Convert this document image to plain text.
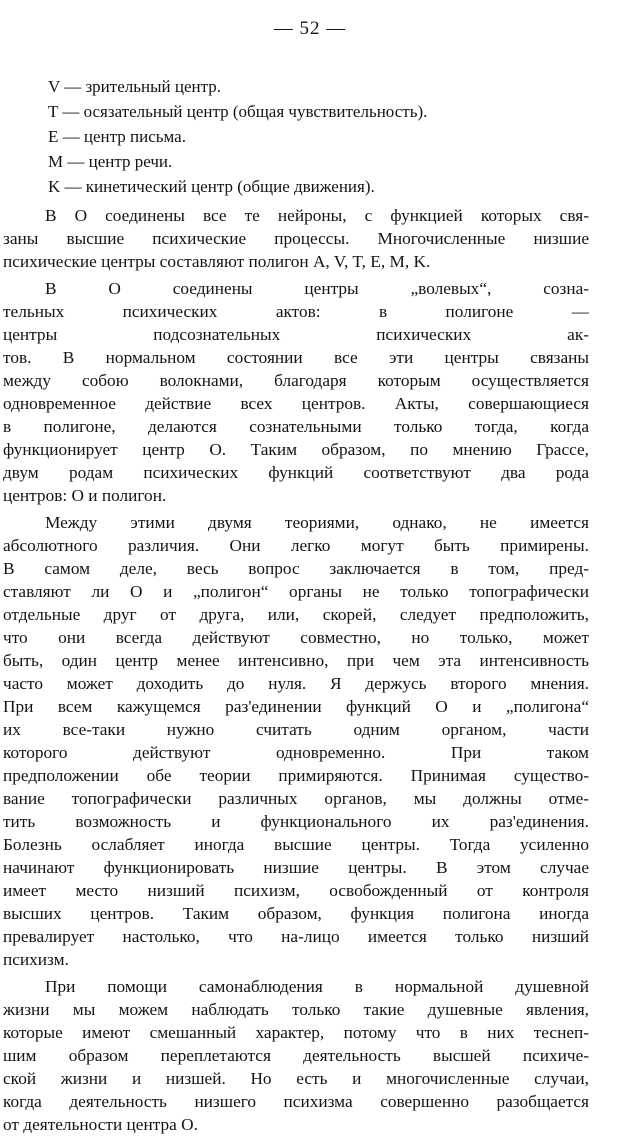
— 52 —
V — зрительный центр.
T — осязательный центр (общая чувствительность).
E — центр письма.
M — центр речи.
K — кинетический центр (общие движения).
В О соединены все те нейроны, с функцией которых свя-
заны высшие психические процессы. Многочисленные низшие
психические центры составляют полигон A, V, T, E, M, K.
В О соединены центры „волевых“, созна-
тельных психических актов: в полигоне —
центры подсознательных психических ак-
тов. В нормальном состоянии все эти центры связаны
между собою волокнами, благодаря которым осуществляется
одновременное действие всех центров. Акты, совершающиеся
в полигоне, делаются сознательными только тогда, когда
функционирует центр О. Таким образом, по мнению Грассе,
двум родам психических функций соответствуют два рода
центров: О и полигон.
Между этими двумя теориями, однако, не имеется
абсолютного различия. Они легко могут быть примирены.
В самом деле, весь вопрос заключается в том, пред-
ставляют ли О и „полигон“ органы не только топографически
отдельные друг от друга, или, скорей, следует предположить,
что они всегда действуют совместно, но только, может
быть, один центр менее интенсивно, при чем эта интенсивность
часто может доходить до нуля. Я держусь второго мнения.
При всем кажущемся раз'единении функций О и „полигона“
их все-таки нужно считать одним органом, части
которого действуют одновременно. При таком
предположении обе теории примиряются. Принимая существо-
вание топографически различных органов, мы должны отме-
тить возможность и функционального их раз'единения.
Болезнь ослабляет иногда высшие центры. Тогда усиленно
начинают функционировать низшие центры. В этом случае
имеет место низший психизм, освобожденный от контроля
высших центров. Таким образом, функция полигона иногда
превалирует настолько, что на-лицо имеется только низший
психизм.
При помощи самонаблюдения в нормальной душевной
жизни мы можем наблюдать только такие душевные явления,
которые имеют смешанный характер, потому что в них теснеп-
шим образом переплетаются деятельность высшей психиче-
ской жизни и низшей. Но есть и многочисленные случаи,
когда деятельность низшего психизма совершенно разобщается
от деятельности центра О.
